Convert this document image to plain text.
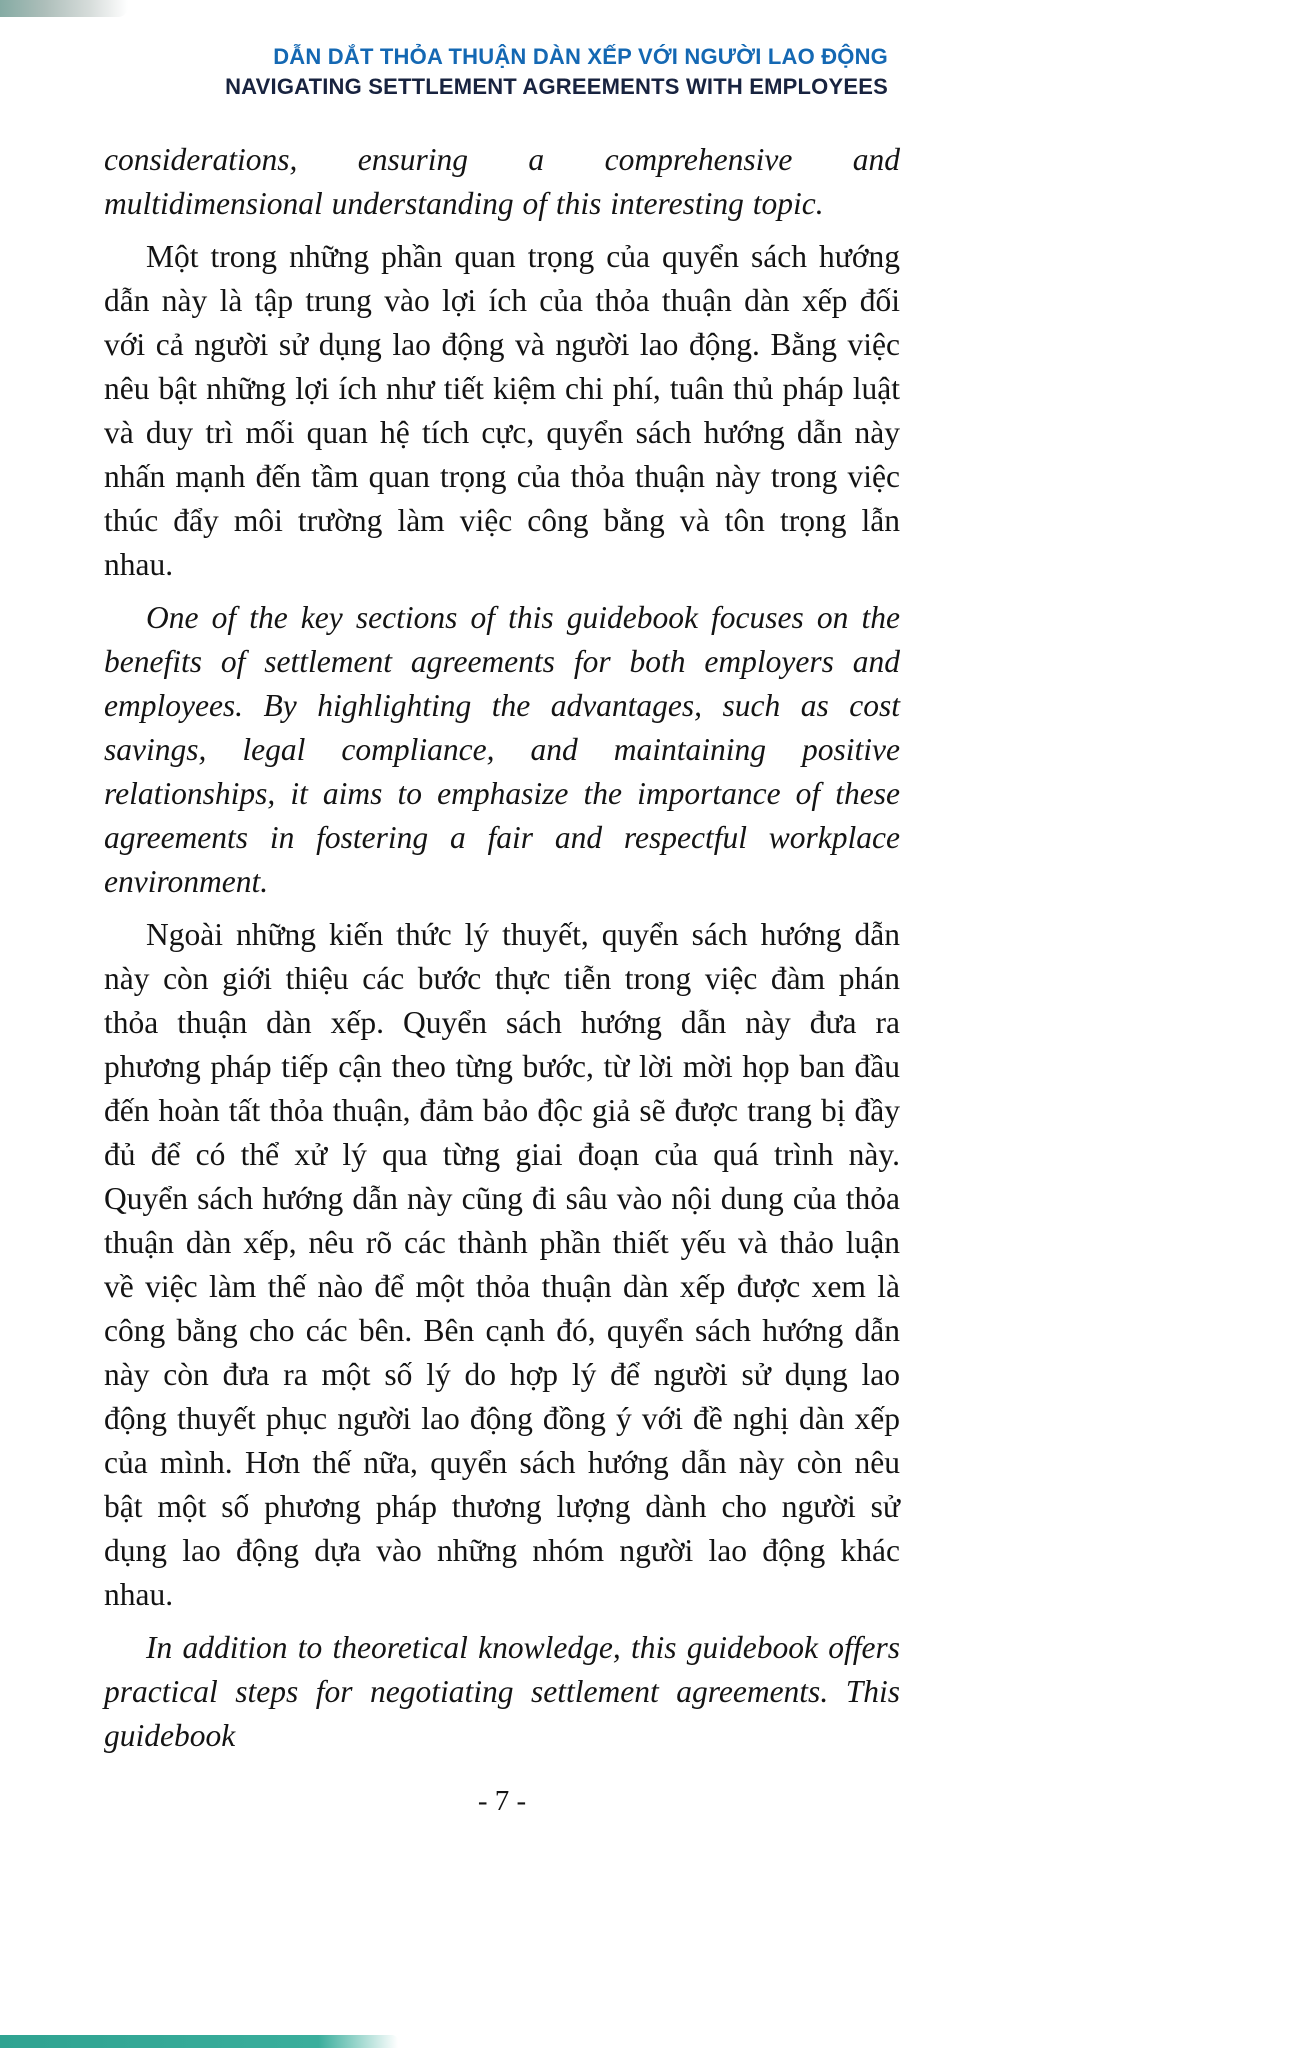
DẪN DẮT THỎA THUẬN DÀN XẾP VỚI NGƯỜI LAO ĐỘNG
NAVIGATING SETTLEMENT AGREEMENTS WITH EMPLOYEES

considerations, ensuring a comprehensive and multidimensional understanding of this interesting topic.

Một trong những phần quan trọng của quyển sách hướng dẫn này là tập trung vào lợi ích của thỏa thuận dàn xếp đối với cả người sử dụng lao động và người lao động. Bằng việc nêu bật những lợi ích như tiết kiệm chi phí, tuân thủ pháp luật và duy trì mối quan hệ tích cực, quyển sách hướng dẫn này nhấn mạnh đến tầm quan trọng của thỏa thuận này trong việc thúc đẩy môi trường làm việc công bằng và tôn trọng lẫn nhau.

One of the key sections of this guidebook focuses on the benefits of settlement agreements for both employers and employees. By highlighting the advantages, such as cost savings, legal compliance, and maintaining positive relationships, it aims to emphasize the importance of these agreements in fostering a fair and respectful workplace environment.

Ngoài những kiến thức lý thuyết, quyển sách hướng dẫn này còn giới thiệu các bước thực tiễn trong việc đàm phán thỏa thuận dàn xếp. Quyển sách hướng dẫn này đưa ra phương pháp tiếp cận theo từng bước, từ lời mời họp ban đầu đến hoàn tất thỏa thuận, đảm bảo độc giả sẽ được trang bị đầy đủ để có thể xử lý qua từng giai đoạn của quá trình này. Quyển sách hướng dẫn này cũng đi sâu vào nội dung của thỏa thuận dàn xếp, nêu rõ các thành phần thiết yếu và thảo luận về việc làm thế nào để một thỏa thuận dàn xếp được xem là công bằng cho các bên. Bên cạnh đó, quyển sách hướng dẫn này còn đưa ra một số lý do hợp lý để người sử dụng lao động thuyết phục người lao động đồng ý với đề nghị dàn xếp của mình. Hơn thế nữa, quyển sách hướng dẫn này còn nêu bật một số phương pháp thương lượng dành cho người sử dụng lao động dựa vào những nhóm người lao động khác nhau.

In addition to theoretical knowledge, this guidebook offers practical steps for negotiating settlement agreements. This guidebook

- 7 -
